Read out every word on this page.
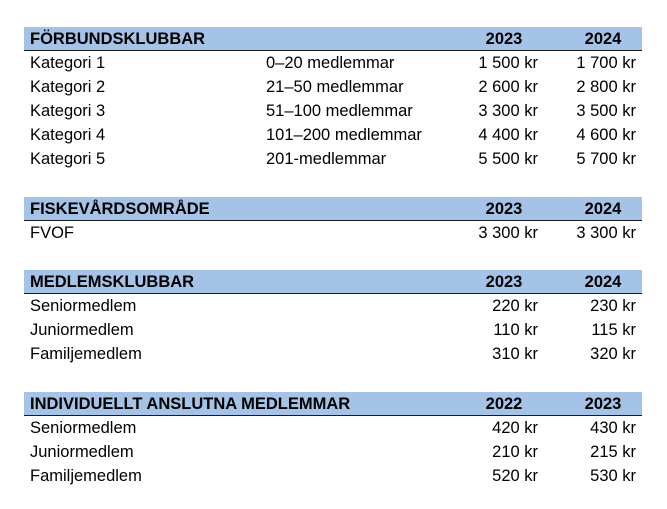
FÖRBUNDSKLUBBAR	2023	2024
Kategori 1	0–20 medlemmar	1 500 kr 1 700 kr
Kategori 2	21–50 medlemmar	2 600 kr 2 800 kr
Kategori 3	51–100 medlemmar	3 300 kr 3 500 kr
Kategori 4	101–200 medlemmar	4 400 kr 4 600 kr
Kategori 5	201-medlemmar	5 500 kr 5 700 kr
FISKEVÅRDSOMRÅDE	2023	2024
FVOF	3 300 kr 3 300 kr
MEDLEMSKLUBBAR	2023	2024
Seniormedlem	220 kr	230 kr
Juniormedlem	110 kr	115 kr
Familjemedlem	310 kr	320 kr
INDIVIDUELLT ANSLUTNA MEDLEMMAR	2022	2023
Seniormedlem	420 kr	430 kr
Juniormedlem	210 kr	215 kr
Familjemedlem	520 kr	530 kr
